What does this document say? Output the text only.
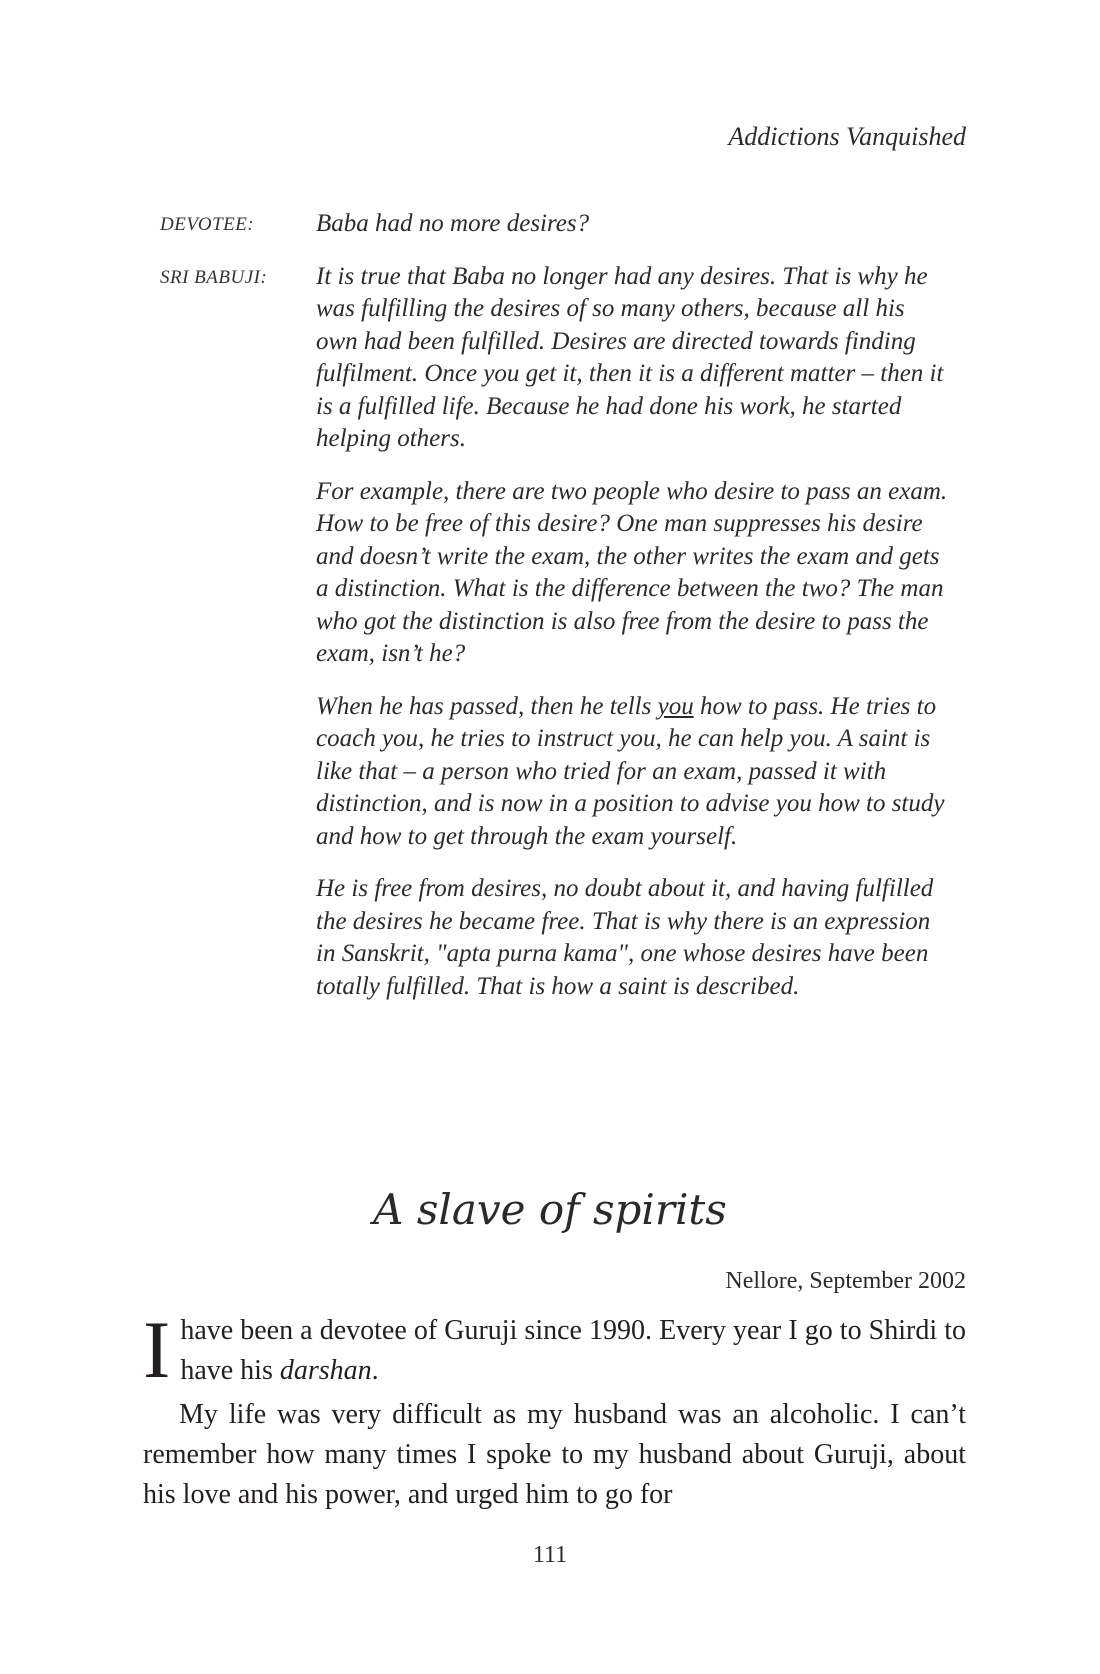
Addictions Vanquished
DEVOTEE:	Baba had no more desires?

SRI BABUJI:	It is true that Baba no longer had any desires. That is why he was fulfilling the desires of so many others, because all his own had been fulfilled. Desires are directed towards finding fulfilment. Once you get it, then it is a different matter – then it is a fulfilled life. Because he had done his work, he started helping others.

For example, there are two people who desire to pass an exam. How to be free of this desire? One man suppresses his desire and doesn’t write the exam, the other writes the exam and gets a distinction. What is the difference between the two? The man who got the distinction is also free from the desire to pass the exam, isn’t he?

When he has passed, then he tells you how to pass. He tries to coach you, he tries to instruct you, he can help you. A saint is like that – a person who tried for an exam, passed it with distinction, and is now in a position to advise you how to study and how to get through the exam yourself.

He is free from desires, no doubt about it, and having fulfilled the desires he became free. That is why there is an expression in Sanskrit, "apta purna kama", one whose desires have been totally fulfilled. That is how a saint is described.

A slave of spirits
Nellore, September 2002

I have been a devotee of Guruji since 1990. Every year I go to Shirdi to have his darshan.

My life was very difficult as my husband was an alcoholic. I can’t remember how many times I spoke to my husband about Guruji, about his love and his power, and urged him to go for

111
